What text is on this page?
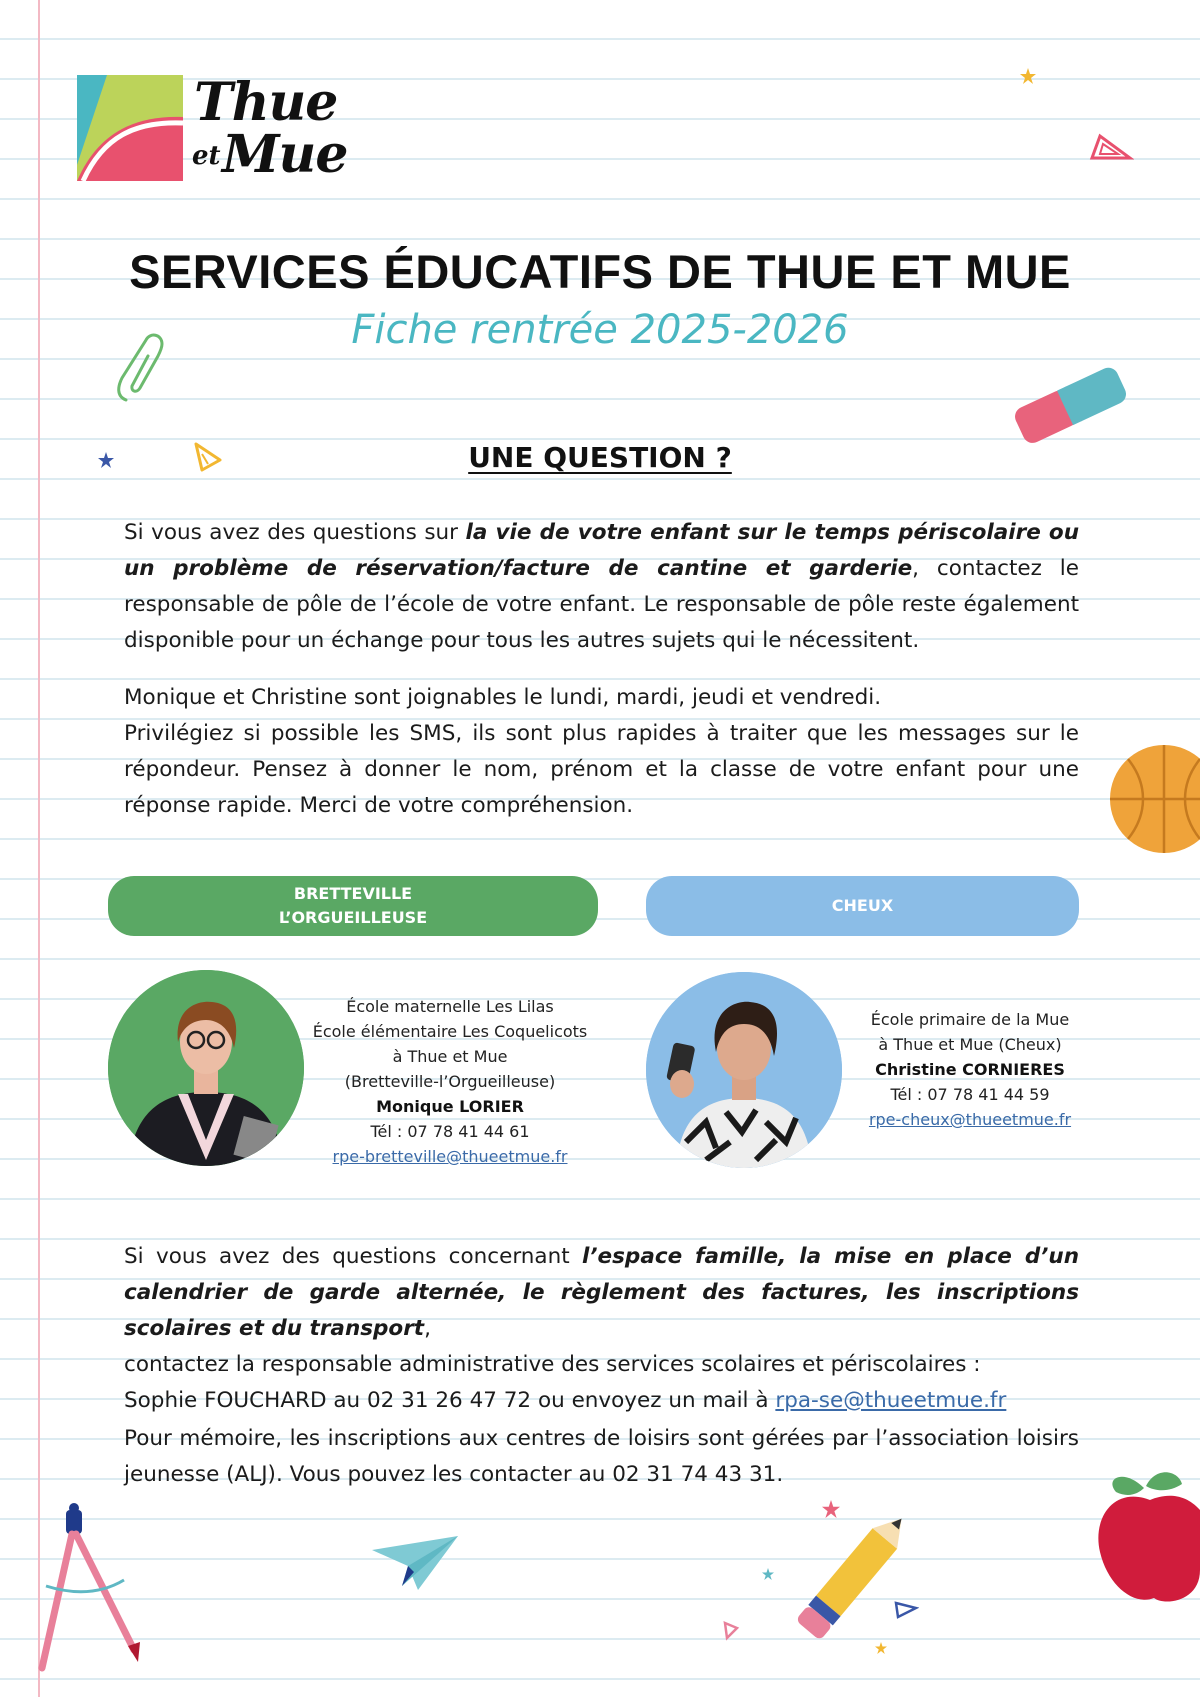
Thue
et Mue
SERVICES ÉDUCATIFS DE THUE ET MUE
Fiche rentrée 2025-2026
UNE QUESTION ?
Si vous avez des questions sur la vie de votre enfant sur le temps périscolaire ou un problème de réservation/facture de cantine et garderie, contactez le responsable de pôle de l’école de votre enfant. Le responsable de pôle reste également disponible pour un échange pour tous les autres sujets qui le nécessitent.
Monique et Christine sont joignables le lundi, mardi, jeudi et vendredi.
Privilégiez si possible les SMS, ils sont plus rapides à traiter que les messages sur le répondeur. Pensez à donner le nom, prénom et la classe de votre enfant pour une réponse rapide. Merci de votre compréhension.
BRETTEVILLE L’ORGUEILLEUSE
CHEUX
École maternelle Les Lilas
École élémentaire Les Coquelicots
à Thue et Mue
(Bretteville-l’Orgueilleuse)
Monique LORIER
Tél : 07 78 41 44 61
rpe-bretteville@thueetmue.fr
École primaire de la Mue
à Thue et Mue (Cheux)
Christine CORNIERES
Tél : 07 78 41 44 59
rpe-cheux@thueetmue.fr
Si vous avez des questions concernant l’espace famille, la mise en place d’un calendrier de garde alternée, le règlement des factures, les inscriptions scolaires et du transport,
contactez la responsable administrative des services scolaires et périscolaires :
Sophie FOUCHARD au 02 31 26 47 72 ou envoyez un mail à rpa-se@thueetmue.fr
Pour mémoire, les inscriptions aux centres de loisirs sont gérées par l’association loisirs jeunesse (ALJ). Vous pouvez les contacter au 02 31 74 43 31.
